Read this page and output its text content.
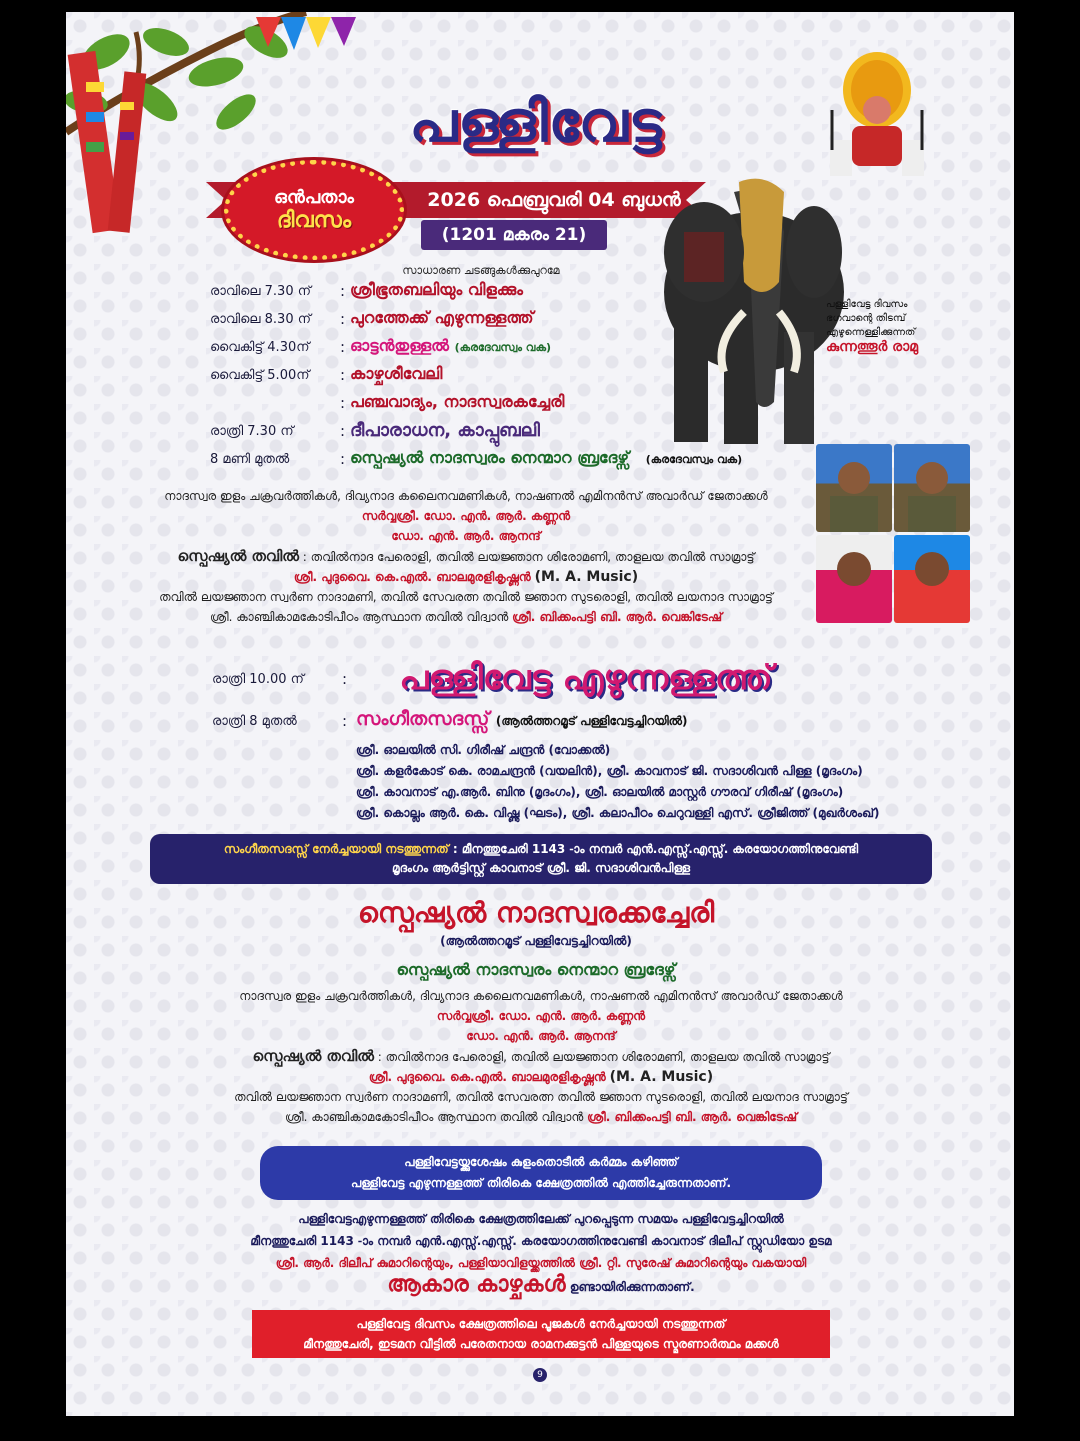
പള്ളിവേട്ട
2026 ഫെബ്രുവരി 04 ബുധൻ
(1201 മകരം 21)
ഒൻപതാം
ദിവസം
സാധാരണ ചടങ്ങുകൾക്കുപുറമേ
രാവിലെ 7.30 ന്	: ശ്രീഭൂതബലിയും വിളക്കും
രാവിലെ 8.30 ന്	: പുറത്തേക്ക് എഴുന്നള്ളത്ത്
വൈകിട്ട് 4.30ന്	: ഓട്ടൻതുള്ളൽ (കരദേവസ്വം വക)
വൈകിട്ട് 5.00ന്	: കാഴ്ചശീവേലി
: പഞ്ചവാദ്യം, നാദസ്വരകച്ചേരി
രാത്രി 7.30 ന്	: ദീപാരാധന, കാപ്പുബലി
8 മണി മുതൽ	: സ്പെഷ്യൽ നാദസ്വരം നെന്മാറ ബ്രദേഴ്സ് (കരദേവസ്വം വക)
പള്ളിവേട്ട ദിവസം
ഭഗവാന്റെ തിടമ്പ്
എഴുന്നെള്ളിക്കുന്നത്
കുന്നത്തൂർ രാമു
നാദസ്വര ഇളം ചക്രവർത്തികൾ, ദിവ്യനാദ കലൈനവമണികൾ, നാഷണൽ എമിനൻസ് അവാർഡ് ജേതാക്കൾ
സർവ്വശ്രീ. ഡോ. എൻ. ആർ. കണ്ണൻ
ഡോ. എൻ. ആർ. ആനന്ദ്
സ്പെഷ്യൽ തവിൽ : തവിൽനാദ പേരൊളി, തവിൽ ലയജ്ഞാന ശിരോമണി, താളലയ തവിൽ സാമ്രാട്ട്
ശ്രീ. പുദുവൈ. കെ.എൽ. ബാലമുരളികൃഷ്ണൻ (M. A. Music)
തവിൽ ലയജ്ഞാന സ്വർണ നാദാമണി, തവിൽ സേവരത്ന തവിൽ ജ്ഞാന സുടരൊളി, തവിൽ ലയനാദ സാമ്രാട്ട്
ശ്രീ. കാഞ്ചികാമകോടിപീഠം ആസ്ഥാന തവിൽ വിദ്വാൻ ശ്രീ. ബിക്കംപട്ടി ബി. ആർ. വെങ്കിടേഷ്
രാത്രി 10.00 ന്	:	പള്ളിവേട്ട എഴുന്നള്ളത്ത്
രാത്രി 8 മുതൽ	: സംഗീതസദസ്സ് (ആൽത്തറമൂട് പള്ളിവേട്ടച്ചിറയിൽ)
ശ്രീ. ഓലയിൽ സി. ഗിരീഷ് ചന്ദ്രൻ (വോക്കൽ)
ശ്രീ. കളർകോട് കെ. രാമചന്ദ്രൻ (വയലിൻ), ശ്രീ. കാവനാട് ജി. സദാശിവൻ പിള്ള (മൃദംഗം)
ശ്രീ. കാവനാട് എ.ആർ. ബിനു (മൃദംഗം), ശ്രീ. ഓലയിൽ മാസ്റ്റർ ഗൗരവ് ഗിരീഷ് (മൃദംഗം)
ശ്രീ. കൊല്ലം ആർ. കെ. വിഷ്ണു (ഘടം), ശ്രീ. കലാപീഠം ചെറുവള്ളി എസ്. ശ്രീജിത്ത് (മുഖർശംഖ്)
സംഗീതസദസ്സ് നേർച്ചയായി നടത്തുന്നത് : മീനത്തുചേരി 1143 -ാം നമ്പർ എൻ.എസ്സ്.എസ്സ്. കരയോഗത്തിനുവേണ്ടി
മൃദംഗം ആർട്ടിസ്റ്റ് കാവനാട് ശ്രീ. ജി. സദാശിവൻപിള്ള
സ്പെഷ്യൽ നാദസ്വരക്കച്ചേരി
(ആൽത്തറമൂട് പള്ളിവേട്ടച്ചിറയിൽ)
സ്പെഷ്യൽ നാദസ്വരം നെന്മാറ ബ്രദേഴ്സ്
നാദസ്വര ഇളം ചക്രവർത്തികൾ, ദിവ്യനാദ കലൈനവമണികൾ, നാഷണൽ എമിനൻസ് അവാർഡ് ജേതാക്കൾ
സർവ്വശ്രീ. ഡോ. എൻ. ആർ. കണ്ണൻ
ഡോ. എൻ. ആർ. ആനന്ദ്
സ്പെഷ്യൽ തവിൽ : തവിൽനാദ പേരൊളി, തവിൽ ലയജ്ഞാന ശിരോമണി, താളലയ തവിൽ സാമ്രാട്ട്
ശ്രീ. പുദുവൈ. കെ.എൽ. ബാലമുരളികൃഷ്ണൻ (M. A. Music)
തവിൽ ലയജ്ഞാന സ്വർണ നാദാമണി, തവിൽ സേവരത്ന തവിൽ ജ്ഞാന സുടരൊളി, തവിൽ ലയനാദ സാമ്രാട്ട്
ശ്രീ. കാഞ്ചികാമകോടിപീഠം ആസ്ഥാന തവിൽ വിദ്വാൻ ശ്രീ. ബിക്കംപട്ടി ബി. ആർ. വെങ്കിടേഷ്
പള്ളിവേട്ടയ്ക്കുശേഷം കുളംതൊടീൽ കർമ്മം കഴിഞ്ഞ്
പള്ളിവേട്ട എഴുന്നള്ളത്ത് തിരികെ ക്ഷേത്രത്തിൽ എത്തിച്ചേരുന്നതാണ്.
പള്ളിവേട്ടഎഴുന്നള്ളത്ത് തിരികെ ക്ഷേത്രത്തിലേക്ക് പുറപ്പെടുന്ന സമയം പള്ളിവേട്ടച്ചിറയിൽ
മീനത്തുചേരി 1143 -ാം നമ്പർ എൻ.എസ്സ്.എസ്സ്. കരയോഗത്തിനുവേണ്ടി കാവനാട് ദിലീപ് സ്റ്റുഡിയോ ഉടമ
ശ്രീ. ആർ. ദിലീപ് കുമാറിന്റെയും, പള്ളിയാവിളയ്ക്കത്തിൽ ശ്രീ. റ്റി. സുരേഷ് കുമാറിന്റെയും വകയായി
ആകാര കാഴ്ചകൾ ഉണ്ടായിരിക്കുന്നതാണ്.
പള്ളിവേട്ട ദിവസം ക്ഷേത്രത്തിലെ പൂജകൾ നേർച്ചയായി നടത്തുന്നത്
മീനത്തുചേരി, ഇടമന വീട്ടിൽ പരേതനായ രാമനക്കുട്ടൻ പിള്ളയുടെ സ്മരണാർത്ഥം മക്കൾ
9
